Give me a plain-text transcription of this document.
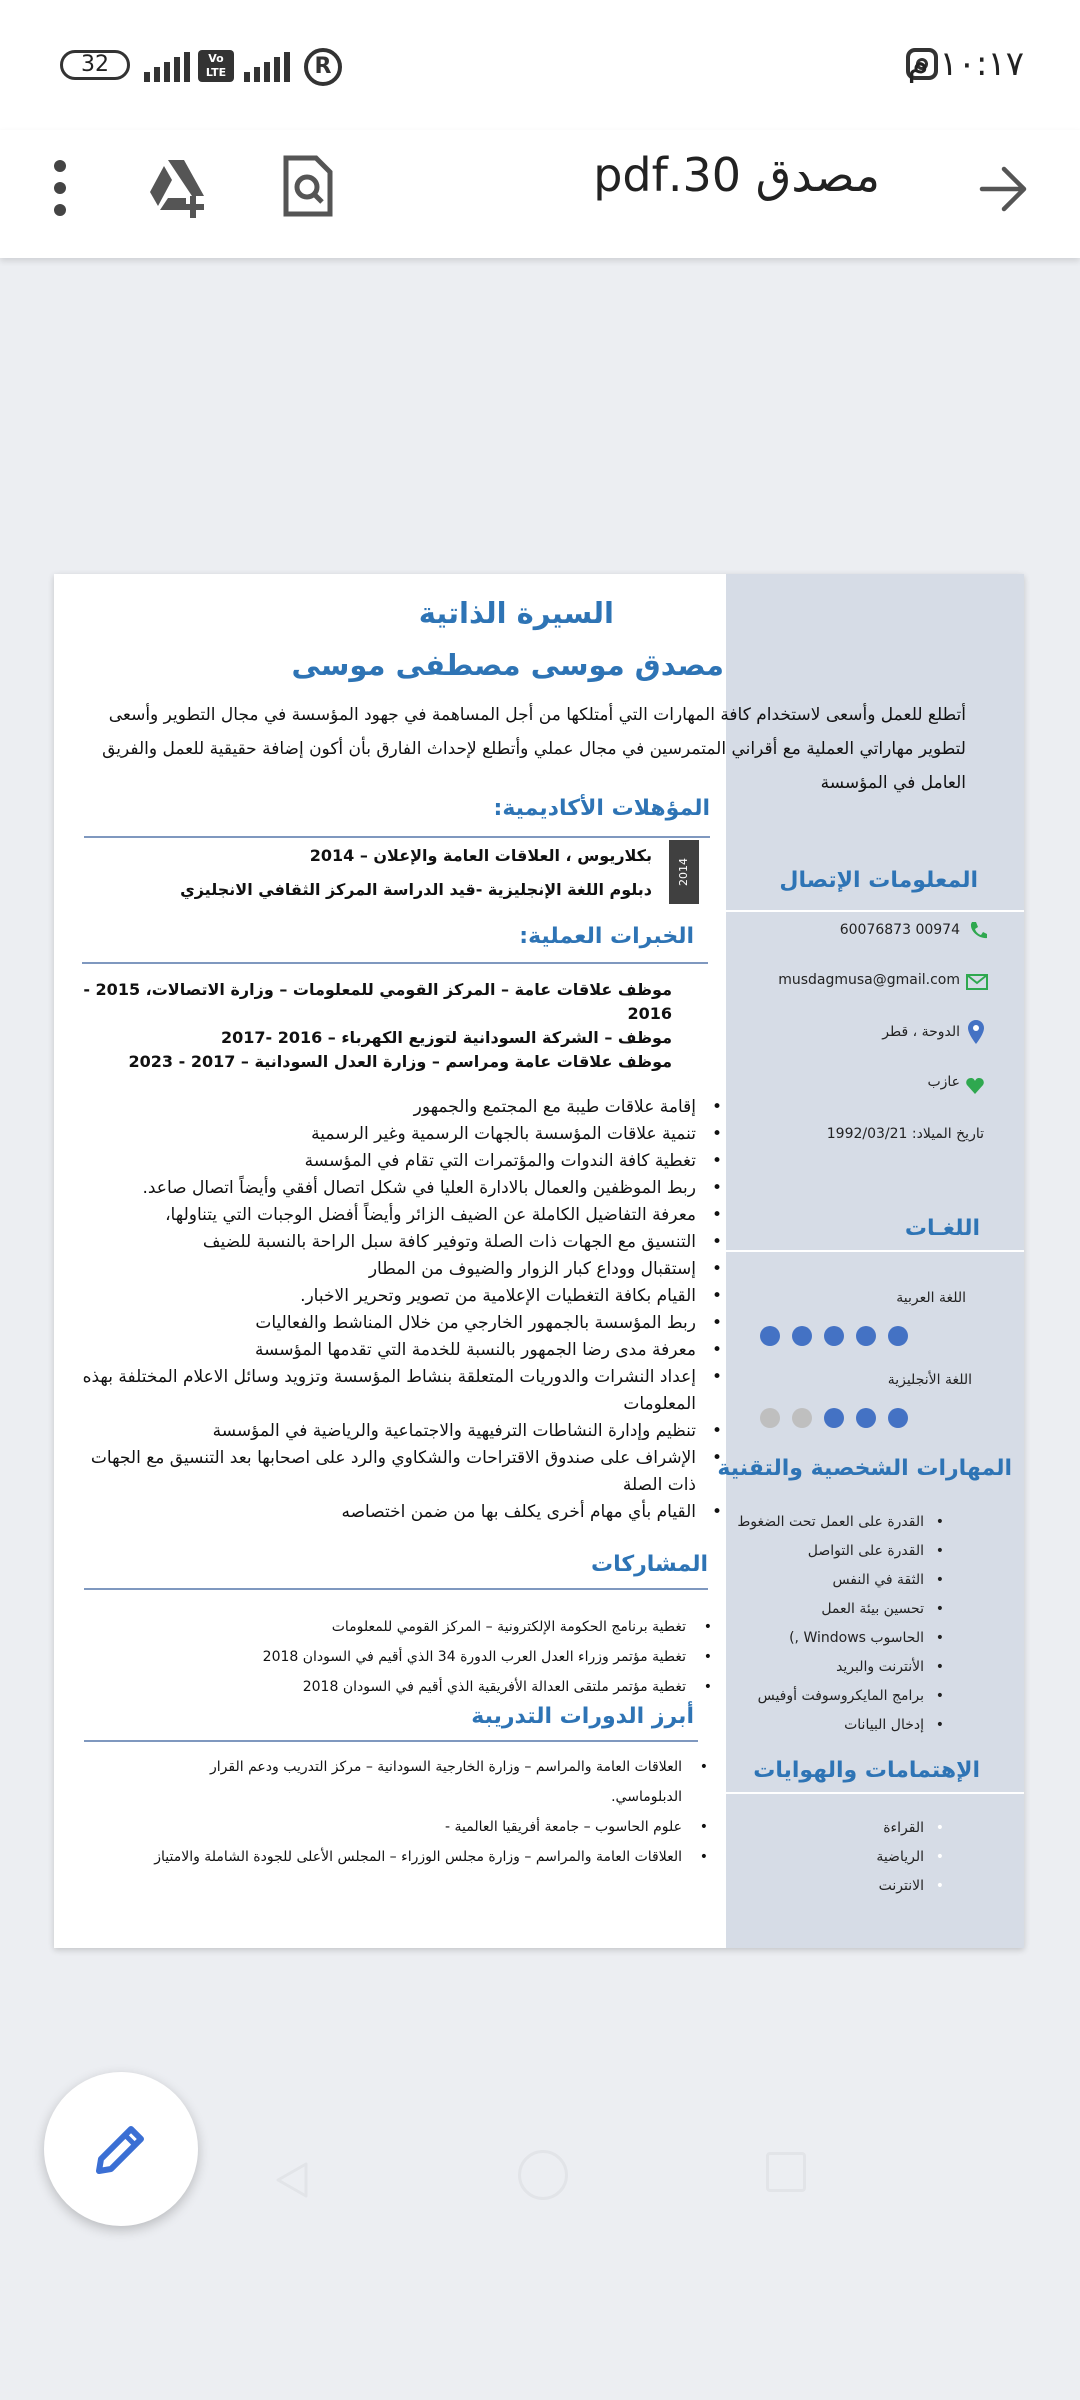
32	Vo LTE	R	١٠:١٧ م
مصدق 30.pdf
السيرة الذاتية
مصدق موسى مصطفى موسى
أتطلع للعمل وأسعى لاستخدام كافة المهارات التي أمتلكها من أجل المساهمة في جهود المؤسسة في مجال التطوير وأسعى لتطوير مهاراتي العملية مع أقراني المتمرسين في مجال عملي وأتطلع لإحداث الفارق بأن أكون إضافة حقيقية للعمل والفريق العامل في المؤسسة
المؤهلات الأكاديمية:
2014
بكلاريوس ، العلاقات العامة والإعلان – 2014
دبلوم اللغة الإنجليزية -قيد الدراسة المركز الثقافي الانجليزي
الخبرات العملية:
موظف علاقات عامة – المركز القومي للمعلومات – وزارة الاتصالات، 2015 - 2016
موظف – الشركة السودانية لتوزيع الكهرباء – 2016 -2017
موظف علاقات عامة ومراسم – وزارة العدل السودانية – 2017 - 2023
• إقامة علاقات طيبة مع المجتمع والجمهور
• تنمية علاقات المؤسسة بالجهات الرسمية وغير الرسمية
• تغطية كافة الندوات والمؤتمرات التي تقام في المؤسسة
• ربط الموظفين والعمال بالادارة العليا في شكل اتصال أفقي وأيضاً اتصال صاعد.
• معرفة التفاضيل الكاملة عن الضيف الزائر وأيضاً أفضل الوجبات التي يتناولها،
• التنسيق مع الجهات ذات الصلة وتوفير كافة سبل الراحة بالنسبة للضيف
• إستقبال ووداع كبار الزوار والضيوف من المطار
• القيام بكافة التغطيات الإعلامية من تصوير وتحرير الاخبار.
• ربط المؤسسة بالجمهور الخارجي من خلال المناشط والفعاليات
• معرفة مدى رضا الجمهور بالنسبة للخدمة التي تقدمها المؤسسة
• إعداد النشرات والدوريات المتعلقة بنشاط المؤسسة وتزويد وسائل الاعلام المختلفة بهذه المعلومات
• تنظيم وإدارة النشاطات الترفيهية والاجتماعية والرياضية في المؤسسة
• الإشراف على صندوق الاقتراحات والشكاوي والرد على اصحابها بعد التنسيق مع الجهات ذات الصلة
• القيام بأي مهام أخرى يكلف بها من ضمن اختصاصه
المشاركات
• تغطية برنامج الحكومة الإلكترونية – المركز القومي للمعلومات
• تغطية مؤتمر وزراء العدل العرب الدورة 34 الذي أقيم في السودان 2018
• تغطية مؤتمر ملتقى العدالة الأفريقية الذي أقيم في السودان 2018
أبرز الدورات التدريبة
• العلاقات العامة والمراسم – وزارة الخارجية السودانية – مركز التدريب ودعم القرار الدبلوماسي.
• علوم الحاسوب – جامعة أفريقيا العالمية -
• العلاقات العامة والمراسم – وزارة مجلس الوزراء – المجلس الأعلى للجودة الشاملة والامتياز
المعلومات الإتصال
00974 60076873
musdagmusa@gmail.com
الدوحة ، قطر
عازب
تاريخ الميلاد: 1992/03/21
اللغـات
اللغة العربية
اللغة الأنجليزية
المهارات الشخصية والتقنية
• القدرة على العمل تحت الضغوط
• القدرة على التواصل
• الثقة في النفس
• تحسين بيئة العمل
• الحاسوب Windows ,)
• الأنترنت والبريد
• برامج المايكروسوفت أوفيس
• إدخال البيانات
الإهتمامات والهوايات
• القراءة
• الرياضية
• الانترنت
